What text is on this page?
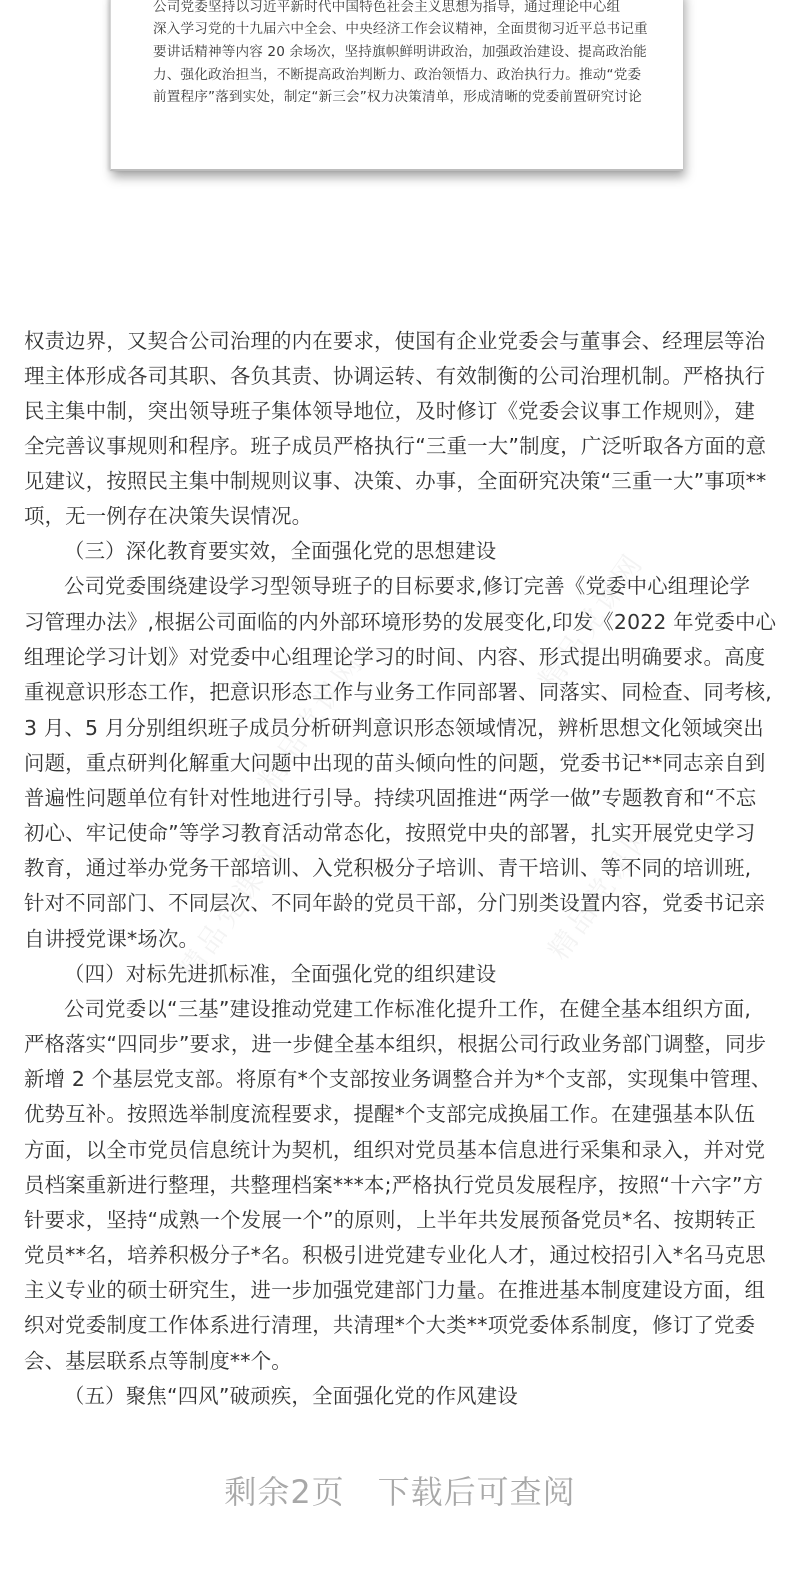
精品党课网
精品党课网
精品党课网
精品党课网
公司党委坚持以习近平新时代中国特色社会主义思想为指导，通过理论中心组
深入学习党的十九届六中全会、中央经济工作会议精神，全面贯彻习近平总书记重
要讲话精神等内容 20 余场次，坚持旗帜鲜明讲政治，加强政治建设、提高政治能
力、强化政治担当，不断提高政治判断力、政治领悟力、政治执行力。推动“党委
前置程序”落到实处，制定“新三会”权力决策清单，形成清晰的党委前置研究讨论
权责边界，又契合公司治理的内在要求，使国有企业党委会与董事会、经理层等治
理主体形成各司其职、各负其责、协调运转、有效制衡的公司治理机制。严格执行
民主集中制，突出领导班子集体领导地位，及时修订《党委会议事工作规则》，建
全完善议事规则和程序。班子成员严格执行“三重一大”制度，广泛听取各方面的意
见建议，按照民主集中制规则议事、决策、办事，全面研究决策“三重一大”事项**
项，无一例存在决策失误情况。
（三）深化教育要实效，全面强化党的思想建设
公司党委围绕建设学习型领导班子的目标要求,修订完善《党委中心组理论学
习管理办法》,根据公司面临的内外部环境形势的发展变化,印发《2022 年党委中心
组理论学习计划》对党委中心组理论学习的时间、内容、形式提出明确要求。高度
重视意识形态工作，把意识形态工作与业务工作同部署、同落实、同检查、同考核,
3 月、5 月分别组织班子成员分析研判意识形态领域情况，辨析思想文化领域突出
问题，重点研判化解重大问题中出现的苗头倾向性的问题，党委书记**同志亲自到
普遍性问题单位有针对性地进行引导。持续巩固推进“两学一做”专题教育和“不忘
初心、牢记使命”等学习教育活动常态化，按照党中央的部署，扎实开展党史学习
教育，通过举办党务干部培训、入党积极分子培训、青干培训、等不同的培训班,
针对不同部门、不同层次、不同年龄的党员干部，分门别类设置内容，党委书记亲
自讲授党课*场次。
（四）对标先进抓标准，全面强化党的组织建设
公司党委以“三基”建设推动党建工作标准化提升工作，在健全基本组织方面,
严格落实“四同步”要求，进一步健全基本组织，根据公司行政业务部门调整，同步
新增 2 个基层党支部。将原有*个支部按业务调整合并为*个支部，实现集中管理、
优势互补。按照选举制度流程要求，提醒*个支部完成换届工作。在建强基本队伍
方面，以全市党员信息统计为契机，组织对党员基本信息进行采集和录入，并对党
员档案重新进行整理，共整理档案***本;严格执行党员发展程序，按照“十六字”方
针要求，坚持“成熟一个发展一个”的原则，上半年共发展预备党员*名、按期转正
党员**名，培养积极分子*名。积极引进党建专业化人才，通过校招引入*名马克思
主义专业的硕士研究生，进一步加强党建部门力量。在推进基本制度建设方面，组
织对党委制度工作体系进行清理，共清理*个大类**项党委体系制度，修订了党委
会、基层联系点等制度**个。
（五）聚焦“四风”破顽疾，全面强化党的作风建设
剩余2页　下载后可查阅
